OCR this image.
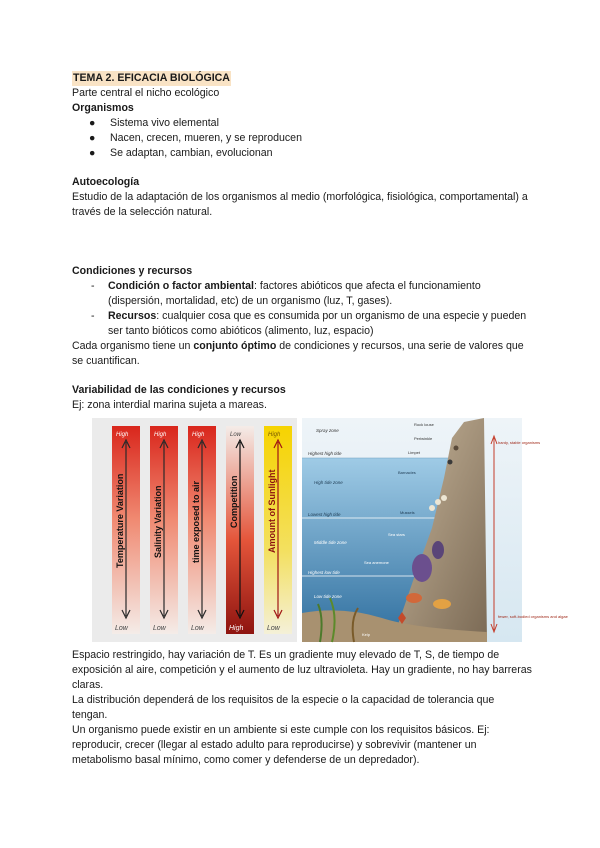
TEMA 2. EFICACIA BIOLÓGICA

Parte central el nicho ecológico

Organismos

● Sistema vivo elemental
● Nacen, crecen, mueren, y se reproducen
● Se adaptan, cambian, evolucionan

Autoecología

Estudio de la adaptación de los organismos al medio (morfológica, fisiológica, comportamental) a través de la selección natural.

Condiciones y recursos

- Condición o factor ambiental: factores abióticos que afecta el funcionamiento (dispersión, mortalidad, etc) de un organismo (luz, T, gases).
- Recursos: cualquier cosa que es consumida por un organismo de una especie y pueden ser tanto bióticos como abióticos (alimento, luz, espacio)

Cada organismo tiene un conjunto óptimo de condiciones y recursos, una serie de valores que se cuantifican.

Variabilidad de las condiciones y recursos

Ej: zona interdial marina sujeta a mareas.

High
Low
Temperature Variation
High
Low
Salinity Variation
High
Low
time exposed to air
Low
High
Competition
High
Low
Amount of Sunlight
Spray zone
Highest high tide
High tide zone
Lowest high tide
Middle tide zone
Highest low tide
Low tide zone
Rock louse
Periwinkle
Limpet
Barnacles
Mussels
Sea stars
Sea anemone
Kelp
hardy, stable organisms
fewer, soft-bodied organisms and algae

Espacio restringido, hay variación de T. Es un gradiente muy elevado de T, S, de tiempo de exposición al aire, competición y el aumento de luz ultravioleta. Hay un gradiente, no hay barreras claras.

La distribución dependerá de los requisitos de la especie o la capacidad de tolerancia que tengan.

Un organismo puede existir en un ambiente si este cumple con los requisitos básicos. Ej: reproducir, crecer (llegar al estado adulto para reproducirse) y sobrevivir (mantener un metabolismo basal mínimo, como comer y defenderse de un depredador).
